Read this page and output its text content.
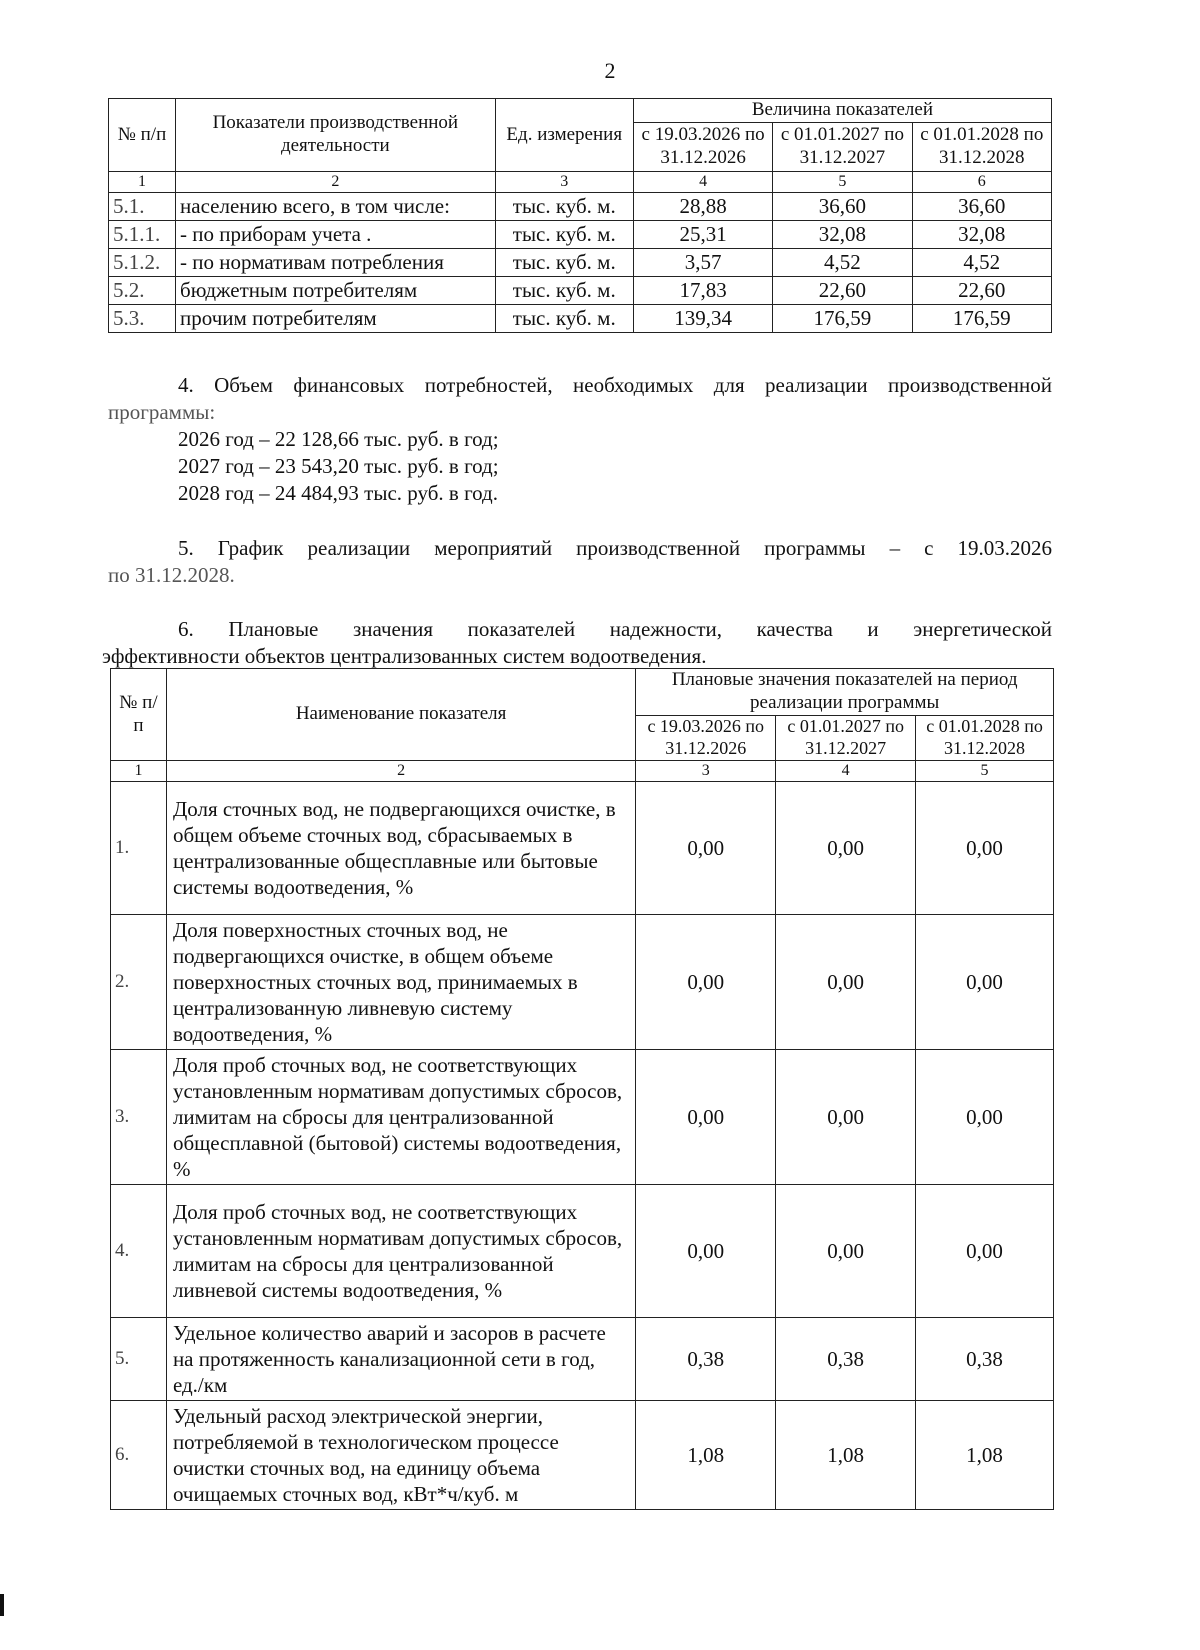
2
№ п/п	Показатели производственной деятельности	Ед. измерения	Величина показателей		
			с 19.03.2026 по 31.12.2026	с 01.01.2027 по 31.12.2027	с 01.01.2028 по 31.12.2028
1	2	3	4	5	6
5.1.	населению всего, в том числе:	тыс. куб. м.	28,88	36,60	36,60
5.1.1.	- по приборам учета .	тыс. куб. м.	25,31	32,08	32,08
5.1.2.	- по нормативам потребления	тыс. куб. м.	3,57	4,52	4,52
5.2.	бюджетным потребителям	тыс. куб. м.	17,83	22,60	22,60
5.3.	прочим потребителям	тыс. куб. м.	139,34	176,59	176,59
4. Объем финансовых потребностей, необходимых для реализации производственной
программы:
2026 год – 22 128,66 тыс. руб. в год;
2027 год – 23 543,20 тыс. руб. в год;
2028 год – 24 484,93 тыс. руб. в год.
5. График реализации мероприятий производственной программы – с 19.03.2026
по 31.12.2028.
6. Плановые значения показателей надежности, качества и энергетической
эффективности объектов централизованных систем водоотведения.
№ п/п	Наименование показателя	Плановые значения показателей на период реализации программы		
		с 19.03.2026 по 31.12.2026	с 01.01.2027 по 31.12.2027	с 01.01.2028 по 31.12.2028
1	2	3	4	5
1.	Доля сточных вод, не подвергающихся очистке, в общем объеме сточных вод, сбрасываемых в централизованные общесплавные или бытовые системы водоотведения, %	0,00	0,00	0,00
2.	Доля поверхностных сточных вод, не подвергающихся очистке, в общем объеме поверхностных сточных вод, принимаемых в централизованную ливневую систему водоотведения, %	0,00	0,00	0,00
3.	Доля проб сточных вод, не соответствующих установленным нормативам допустимых сбросов, лимитам на сбросы для централизованной общесплавной (бытовой) системы водоотведения, %	0,00	0,00	0,00
4.	Доля проб сточных вод, не соответствующих установленным нормативам допустимых сбросов, лимитам на сбросы для централизованной ливневой системы водоотведения, %	0,00	0,00	0,00
5.	Удельное количество аварий и засоров в расчете на протяженность канализационной сети в год, ед./км	0,38	0,38	0,38
6.	Удельный расход электрической энергии, потребляемой в технологическом процессе очистки сточных вод, на единицу объема очищаемых сточных вод, кВт*ч/куб. м	1,08	1,08	1,08
